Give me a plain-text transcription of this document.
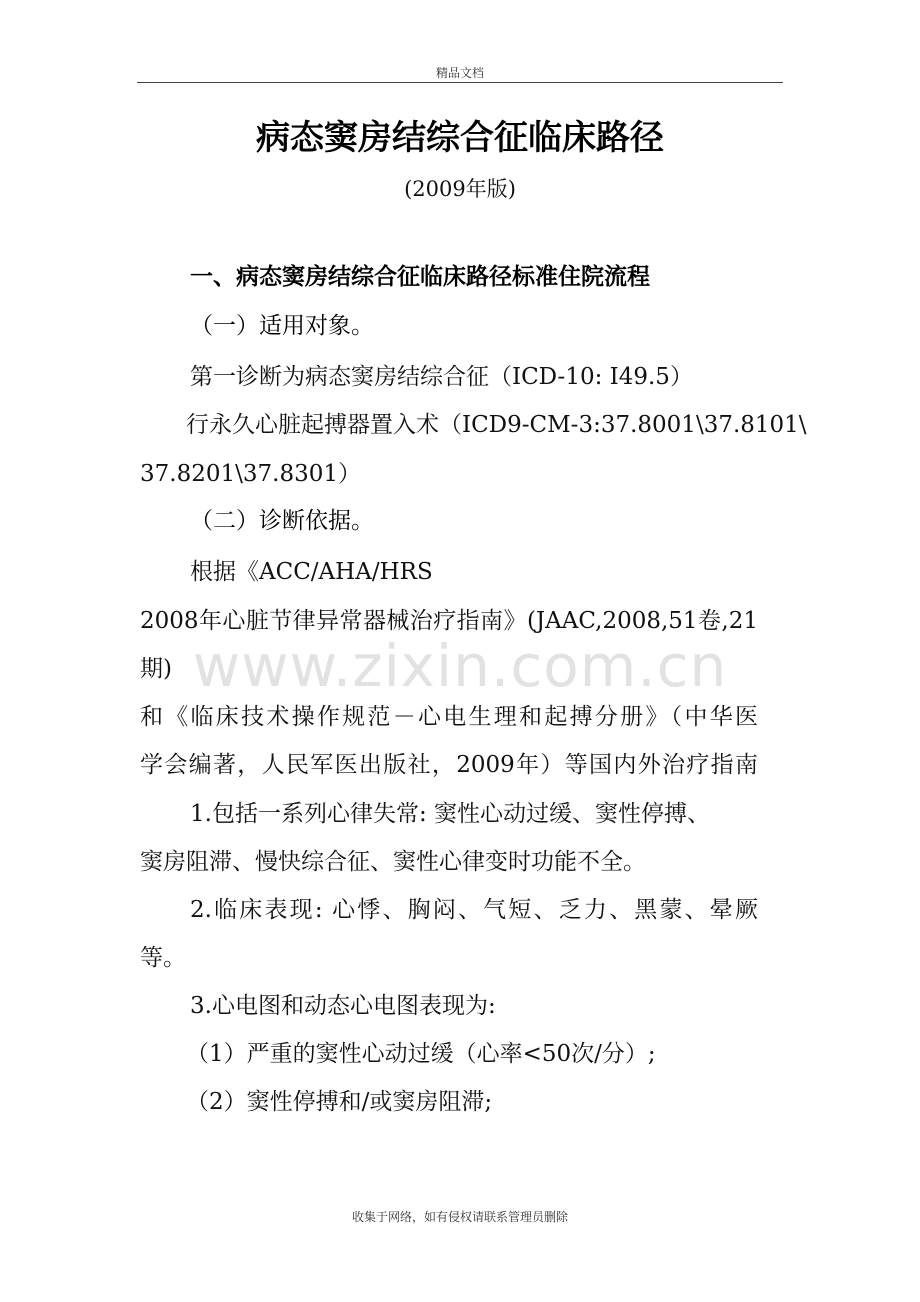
精品文档
病态窦房结综合征临床路径
(2009年版)
一、病态窦房结综合征临床路径标准住院流程
（一）适用对象。
第一诊断为病态窦房结综合征（ICD-10: I49.5）
行永久心脏起搏器置入术（ICD9-CM-3:37.8001\37.8101\
37.8201\37.8301）
（二）诊断依据。
根据《ACC/AHA/HRS
2008年心脏节律异常器械治疗指南》(JAAC,2008,51卷,21
期)
和《临床技术操作规范－心电生理和起搏分册》（中华医
学会编著，人民军医出版社，2009年）等国内外治疗指南
1.包括一系列心律失常: 窦性心动过缓、窦性停搏、
窦房阻滞、慢快综合征、窦性心律变时功能不全。
2.临床表现: 心悸、胸闷、气短、乏力、黑蒙、晕厥
等。
3.心电图和动态心电图表现为:
（1）严重的窦性心动过缓（心率<50次/分）;
（2）窦性停搏和/或窦房阻滞;
www.zixin.com.cn
收集于网络，如有侵权请联系管理员删除
